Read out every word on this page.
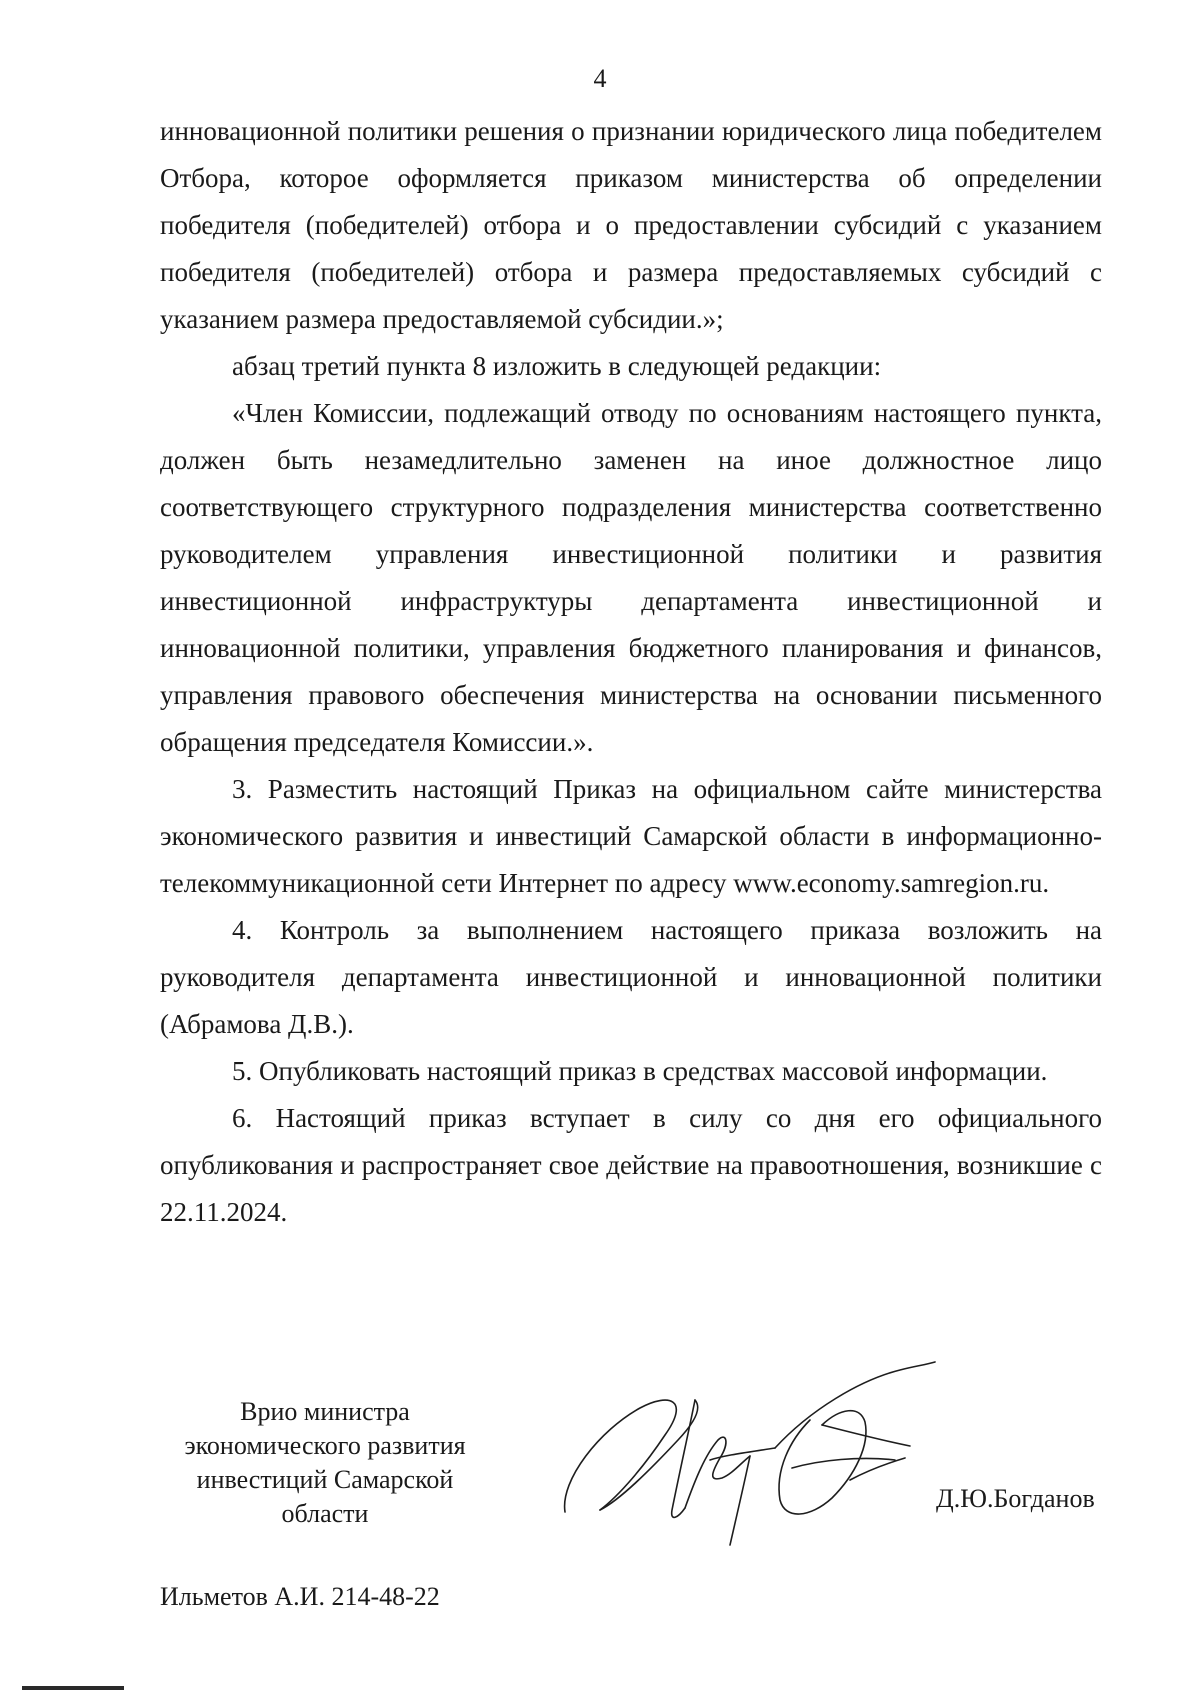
4

инновационной политики решения о признании юридического лица победителем Отбора, которое оформляется приказом министерства об определении победителя (победителей) отбора и о предоставлении субсидий с указанием победителя (победителей) отбора и размера предоставляемых субсидий с указанием размера предоставляемой субсидии.»;

абзац третий пункта 8 изложить в следующей редакции:

«Член Комиссии, подлежащий отводу по основаниям настоящего пункта, должен быть незамедлительно заменен на иное должностное лицо соответствующего структурного подразделения министерства соответственно руководителем управления инвестиционной политики и развития инвестиционной инфраструктуры департамента инвестиционной и инновационной политики, управления бюджетного планирования и финансов, управления правового обеспечения министерства на основании письменного обращения председателя Комиссии.».

3. Разместить настоящий Приказ на официальном сайте министерства экономического развития и инвестиций Самарской области в информационно-телекоммуникационной сети Интернет по адресу www.economy.samregion.ru.

4. Контроль за выполнением настоящего приказа возложить на руководителя департамента инвестиционной и инновационной политики (Абрамова Д.В.).

5. Опубликовать настоящий приказ в средствах массовой информации.

6. Настоящий приказ вступает в силу со дня его официального опубликования и распространяет свое действие на правоотношения, возникшие с 22.11.2024.

Врио министра
экономического развития
инвестиций Самарской
области
Д.Ю.Богданов
Ильметов А.И. 214-48-22
